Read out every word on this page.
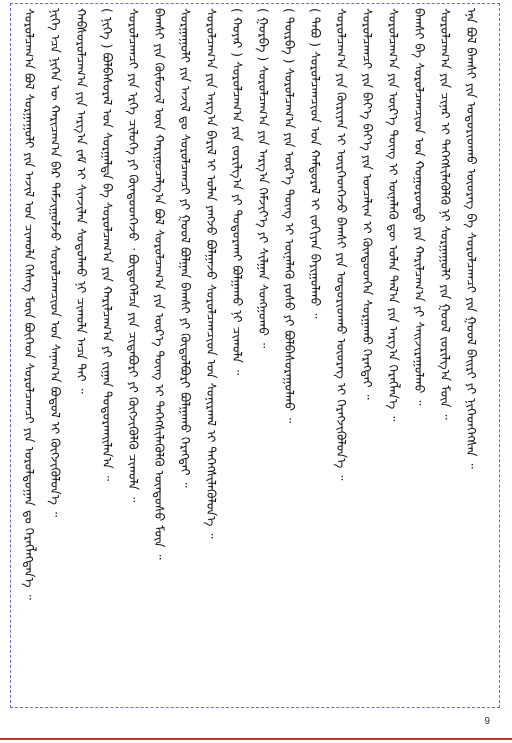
ᠰᠤᠷᠤᠯᠴᠠᠭ᠎ᠠ ᠪᠣᠯ ᠰᠤᠷᠭᠠᠭᠤᠯᠢ ᠶᠢᠨ ᠠᠵᠢᠯ ᠤᠨ ᠴᠢᠬᠤᠯᠠ ᠬᠡᠰᠡᠭ ᠮᠥᠨ ᠪᠥᠭᠡᠳ ᠰᠤᠷᠤᠯᠴᠠᠭᠴᠢ ᠶᠢᠨ ᠤᠷᠤᠯᠳᠤᠭᠠᠨ ᠳᠤ ᠬᠡᠷᠡᠭᠯᠡᠭᠳᠡᠨ᠎ᠡ ᠃ ᠨᠢᠭᠡ ᠡᠴᠡ ᠨᠢᠭᠡᠨ ᠦ ᠬᠠᠷᠢᠴᠠᠭ᠎ᠠ ᠪᠠᠷ ᠳᠠᠮᠵᠢᠭᠤᠯᠵᠤ ᠰᠤᠷᠤᠯᠴᠠᠭᠴᠢᠳ ᠤᠨ ᠰᠠᠨᠠᠭ᠎ᠠ ᠪᠣᠳᠤᠯ ᠢ ᠬᠥᠭᠵᠢᠭᠦᠯᠦᠨ᠎ᠡ ᠃ ᠬᠠᠪᠰᠤᠷᠤᠯᠴᠠᠭ᠎ᠠ ᠶᠢᠨ ᠠᠷᠭ᠎ᠠ ᠵᠠᠮ ᠢ ᠰᠢᠨᠵᠢᠯᠡᠨ ᠰᠤᠳᠤᠯᠬᠤ ᠨᠢ ᠴᠢᠬᠤᠯᠠ ᠠᠴᠠ ᠲᠠᠢ ᠃ ( ᠨᠢᠭᠡ ) ᠪᠣᠯᠪᠠᠰᠤᠷᠠᠯ ᠤᠨ ᠰᠤᠷᠭᠠᠯᠲᠠ ᠪᠠ ᠰᠤᠷᠤᠯᠴᠠᠭ᠎ᠠ ᠶᠢᠨ ᠬᠠᠷᠢᠯᠴᠠᠭ᠎ᠠ ᠶᠢ ᠵᠢᠭᠠᠨ ᠲᠣᠳᠤᠷᠬᠠᠢᠯᠠᠨ᠎ᠠ ᠃ ᠰᠤᠷᠤᠯᠴᠠᠭᠴᠢ ᠶᠢᠨ ᠡᠷᠬᠡ ᠴᠢᠯᠦᠭᠡ ᠶᠢ ᠬᠦᠨᠳᠦᠳᠬᠡᠵᠦ ᠂ ᠪᠦᠲᠦᠭᠡᠯᠴᠡ ᠶᠢᠨ ᠴᠢᠳᠠᠪᠤᠷᠢ ᠶᠢ ᠬᠥᠭᠵᠢᠭᠦᠯᠬᠦ ᠴᠢᠬᠤᠯᠠ ᠃ ᠪᠠᠭᠰᠢ ᠶᠢᠨ ᠬᠦᠮᠦᠵᠢᠯ ᠦᠨ ᠬᠠᠷᠢᠭᠤᠴᠠᠯᠭ᠎ᠠ ᠪᠣᠯ ᠰᠤᠷᠤᠯᠴᠠᠭ᠎ᠠ ᠶᠢᠨ ᠦᠷ᠎ᠡ ᠳᠦᠩ ᠢ ᠳᠡᠭᠡᠭᠰᠢᠯᠡᠭᠦᠯᠬᠦ ᠦᠨᠳᠦᠰᠦ ᠮᠥᠨ ᠃ ᠰᠤᠷᠭᠠᠭᠤᠯᠢ ᠶᠢᠨ ᠠᠵᠢᠯ ᠳᠤ ᠰᠤᠷᠤᠯᠴᠠᠭᠴᠢ ᠶᠢ ᠭᠣᠣᠯ ᠪᠣᠯᠭᠠᠨ ᠪᠠᠭᠰᠢ ᠶᠢ ᠬᠥᠲᠦᠯᠪᠦᠷᠢ ᠪᠣᠯᠭᠠᠬᠤ ᠬᠡᠷᠡᠭᠲᠡᠢ ᠃ ᠰᠤᠷᠤᠯᠴᠠᠭ᠎ᠠ ᠶᠢᠨ ᠠᠷᠭ᠎ᠠ ᠪᠠᠷᠢᠯ ᠢ ᠣᠯᠠᠨ ᠶᠠᠩᠵᠤ ᠪᠣᠯᠭᠠᠵᠤ ᠰᠤᠷᠤᠯᠴᠠᠭᠴᠢᠳ ᠤᠨ ᠰᠣᠨᠢᠷᠬᠠᠯ ᠢ ᠳᠡᠭᠡᠭᠰᠢᠯᠡᠭᠦᠯᠦᠨ᠎ᠡ ᠃ ( ᠬᠣᠶᠠᠷ ) ᠰᠤᠷᠤᠯᠴᠠᠭ᠎ᠠ ᠶᠢᠨ ᠵᠣᠷᠢᠯᠭ᠎ᠠ ᠶᠢ ᠲᠣᠳᠤᠷᠬᠠᠢ ᠪᠣᠯᠭᠠᠬᠤ ᠨᠢ ᠴᠢᠬᠤᠯᠠ ᠃ ( ᠭᠤᠷᠪᠠ ) ᠰᠤᠷᠤᠯᠴᠠᠭ᠎ᠠ ᠶᠢᠨ ᠠᠷᠭ᠎ᠠ ᠬᠡᠮᠵᠢᠶ᠎ᠡ ᠶᠢ ᠰᠢᠯᠭᠠᠨ ᠰᠣᠩᠭᠣᠬᠤ ᠃ ( ᠳᠥᠷᠪᠡ ) ᠰᠤᠷᠤᠯᠴᠠᠭ᠎ᠠ ᠶᠢᠨ ᠦᠷ᠎ᠡ ᠳᠦᠩ ᠢ ᠦᠨᠡᠯᠡᠬᠦ ᠶᠣᠰᠤ ᠶᠢ ᠪᠣᠯᠪᠠᠰᠤᠷᠠᠭᠤᠯᠬᠤ ᠃ ( ᠲᠠᠪᠤ ) ᠰᠤᠷᠤᠯᠴᠠᠭᠴᠢᠳ ᠤᠨ ᠬᠠᠮᠲᠤᠷᠠᠯ ᠢ ᠵᠣᠬᠢᠶᠠᠨ ᠪᠠᠶᠢᠭᠤᠯᠬᠤ ᠃ ᠰᠤᠷᠤᠯᠴᠠᠭ᠎ᠠ ᠶᠢᠨ ᠬᠦᠷᠢᠶᠡᠨ ᠢ ᠥᠷᠭᠡᠳᠬᠡᠵᠦ ᠪᠠᠭᠰᠢ ᠶᠢᠨ ᠤᠳᠤᠷᠢᠳᠬᠤ ᠦᠦᠷᠡᠭ ᠢ ᠬᠡᠷᠡᠭᠵᠢᠭᠦᠯᠦᠨ᠎ᠡ ᠃ ᠰᠤᠷᠤᠯᠴᠠᠭᠴᠢ ᠶᠢᠨ ᠪᠡᠶ᠎ᠡ ᠪᠡᠶ᠎ᠡ ᠶᠢᠨ ᠣᠨᠴᠠᠯᠢᠭ ᠢ ᠬᠦᠨᠳᠦᠳᠬᠡᠨ ᠰᠤᠷᠭᠠᠬᠤ ᠬᠡᠷᠡᠭᠲᠡᠢ ᠃ ᠰᠤᠷᠤᠯᠴᠠᠭ᠎ᠠ ᠶᠢᠨ ᠦᠷ᠎ᠡ ᠳᠦᠩ ᠢ ᠦᠨᠡᠯᠡᠬᠦ ᠳᠦ ᠣᠯᠠᠨ ᠲᠠᠯ᠎ᠠ ᠶᠢᠨ ᠠᠷᠭ᠎ᠠ ᠬᠡᠷᠡᠭᠯᠡᠨ᠎ᠡ ᠃ ᠪᠠᠭᠰᠢ ᠪᠠ ᠰᠤᠷᠤᠯᠴᠠᠭᠴᠢᠳ ᠤᠨ ᠬᠣᠭᠣᠷᠤᠨᠳᠤ ᠶᠢᠨ ᠬᠠᠷᠢᠯᠴᠠᠭ᠎ᠠ ᠶᠢ ᠰᠠᠢᠵᠢᠷᠠᠭᠤᠯᠬᠤ ᠃ ᠰᠤᠷᠤᠯᠴᠠᠭ᠎ᠠ ᠶᠢᠨ ᠴᠢᠨᠠᠷ ᠢ ᠳᠡᠭᠡᠭᠰᠢᠯᠡᠭᠦᠯᠬᠦ ᠨᠢ ᠰᠤᠷᠭᠠᠭᠤᠯᠢ ᠶᠢᠨ ᠭᠣᠣᠯ ᠵᠣᠷᠢᠯᠭ᠎ᠠ ᠮᠥᠨ ᠃ ᠡᠨᠡ ᠪᠣᠯ ᠪᠠᠭᠰᠢ ᠶᠢᠨ ᠤᠳᠤᠷᠢᠳᠬᠤ ᠦᠦᠷᠡᠭ ᠪᠠ ᠰᠤᠷᠤᠯᠴᠠᠭᠴᠢ ᠶᠢᠨ ᠭᠣᠣᠯ ᠪᠠᠢᠷᠢ ᠶᠢ ᠨᠢᠭᠡᠳᠭᠡᠭᠰᠡᠨ ᠃
9
